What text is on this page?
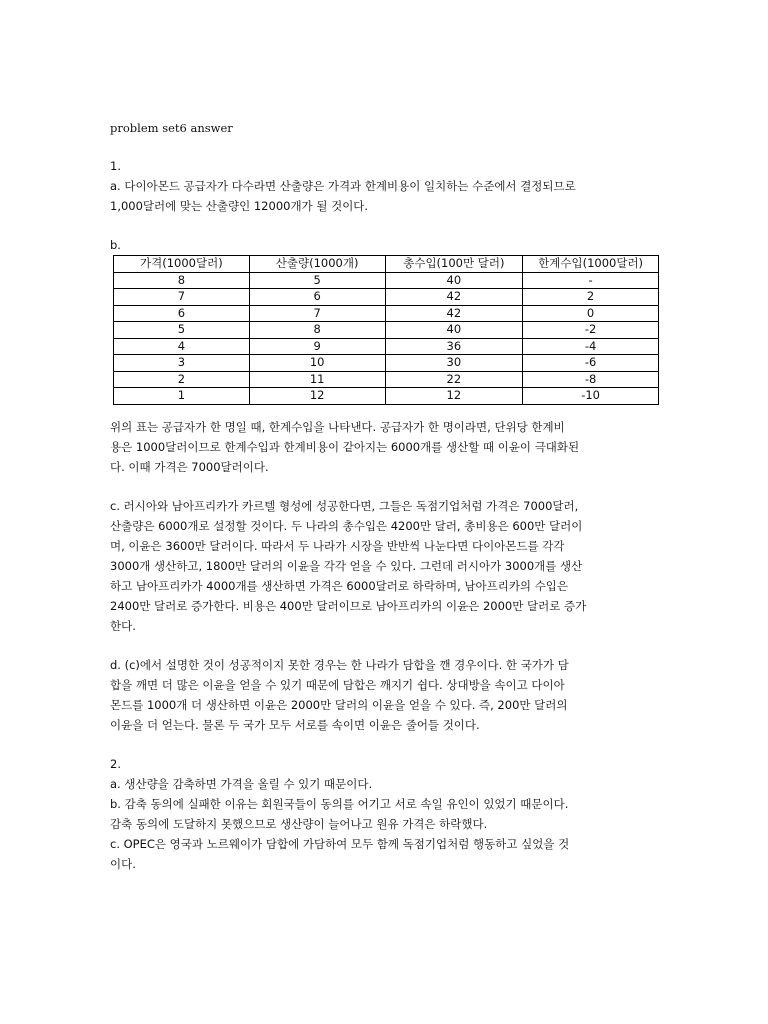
problem set6 answer

1.

a. 다이아몬드 공급자가 다수라면 산출량은 가격과 한계비용이 일치하는 수준에서 결정되므로

1,000달러에 맞는 산출량인 12000개가 될 것이다.

b.

가격(1000달러)	산출량(1000개)	총수입(100만 달러)	한계수입(1000달러)
8	5	40	-
7	6	42	2
6	7	42	0
5	8	40	-2
4	9	36	-4
3	10	30	-6
2	11	22	-8
1	12	12	-10

위의 표는 공급자가 한 명일 때, 한계수입을 나타낸다. 공급자가 한 명이라면, 단위당 한계비

용은 1000달러이므로 한계수입과 한계비용이 같아지는 6000개를 생산할 때 이윤이 극대화된

다. 이때 가격은 7000달러이다.

c. 러시아와 남아프리카가 카르텔 형성에 성공한다면, 그들은 독점기업처럼 가격은 7000달러,

산출량은 6000개로 설정할 것이다. 두 나라의 총수입은 4200만 달러, 총비용은 600만 달러이

며, 이윤은 3600만 달러이다. 따라서 두 나라가 시장을 반반씩 나눈다면 다이아몬드를 각각

3000개 생산하고, 1800만 달러의 이윤을 각각 얻을 수 있다. 그런데 러시아가 3000개를 생산

하고 남아프리카가 4000개를 생산하면 가격은 6000달러로 하락하며, 남아프리카의 수입은

2400만 달러로 증가한다. 비용은 400만 달러이므로 남아프리카의 이윤은 2000만 달러로 증가

한다.

d. (c)에서 설명한 것이 성공적이지 못한 경우는 한 나라가 담합을 깬 경우이다. 한 국가가 담

합을 깨면 더 많은 이윤을 얻을 수 있기 때문에 담합은 깨지기 쉽다. 상대방을 속이고 다이아

몬드를 1000개 더 생산하면 이윤은 2000만 달러의 이윤을 얻을 수 있다. 즉, 200만 달러의

이윤을 더 얻는다. 물론 두 국가 모두 서로를 속이면 이윤은 줄어들 것이다.

2.

a. 생산량을 감축하면 가격을 올릴 수 있기 때문이다.

b. 감축 동의에 실패한 이유는 회원국들이 동의를 어기고 서로 속일 유인이 있었기 때문이다.

감축 동의에 도달하지 못했으므로 생산량이 늘어나고 원유 가격은 하락했다.

c. OPEC은 영국과 노르웨이가 담합에 가담하여 모두 함께 독점기업처럼 행동하고 싶었을 것

이다.
